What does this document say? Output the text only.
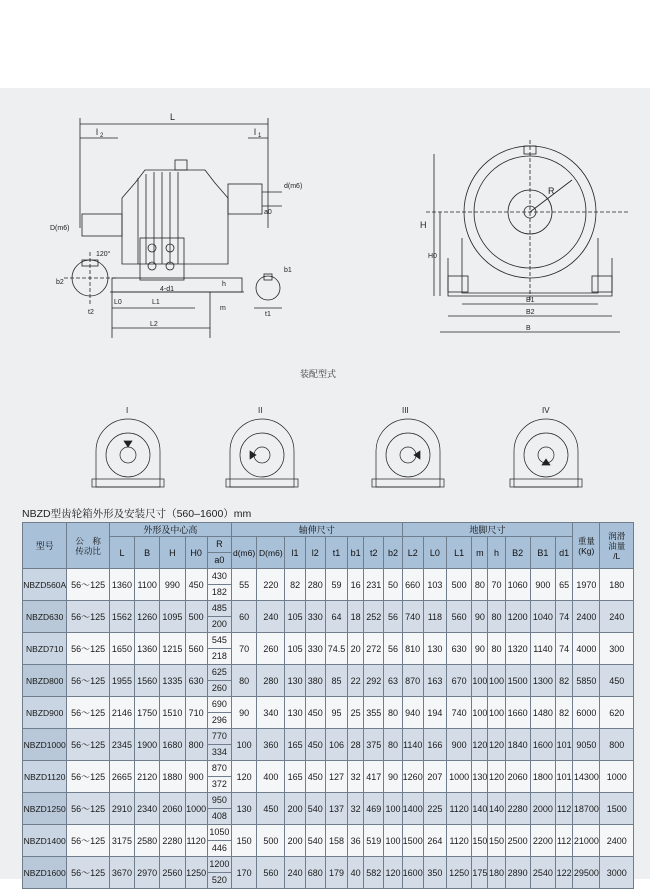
L
l 2	l 1
d(m6)
D(m6)
a0
h
120°
b2
t2
L0	L1
4-d1
m
L2
b1
t1
H
H0
R
B1
B2
B
I	II	III	IV
装配型式
NBZD型齿轮箱外形及安装尺寸（560–1600）mm
型号	公　称
传动比	外形及中心高					轴伸尺寸								地脚尺寸								重量
(Kg)	润滑
油量
/L
		L	B	H	H0	R
a0	d(m6)	D(m6)	l1	l2	t1	b1	t2	b2	L2	L0	L1	m	h	B2	B1	d1		
NBZD560A	56～125	1360	1100	990	450	430
182	55	220	82	280	59	16	231	50	660	103	500	80	70	1060	900	65	1970	180
NBZD630	56～125	1562	1260	1095	500	485
200	60	240	105	330	64	18	252	56	740	118	560	90	80	1200	1040	74	2400	240
NBZD710	56～125	1650	1360	1215	560	545
218	70	260	105	330	74.5	20	272	56	810	130	630	90	80	1320	1140	74	4000	300
NBZD800	56～125	1955	1560	1335	630	625
260	80	280	130	380	85	22	292	63	870	163	670	100	100	1500	1300	82	5850	450
NBZD900	56～125	2146	1750	1510	710	690
296	90	340	130	450	95	25	355	80	940	194	740	100	100	1660	1480	82	6000	620
NBZD1000	56～125	2345	1900	1680	800	770
334	100	360	165	450	106	28	375	80	1140	166	900	120	120	1840	1600	101	9050	800
NBZD1120	56～125	2665	2120	1880	900	870
372	120	400	165	450	127	32	417	90	1260	207	1000	130	120	2060	1800	101	14300	1000
NBZD1250	56～125	2910	2340	2060	1000	950
408	130	450	200	540	137	32	469	100	1400	225	1120	140	140	2280	2000	112	18700	1500
NBZD1400	56～125	3175	2580	2280	1120	1050
446	150	500	200	540	158	36	519	100	1500	264	1120	150	150	2500	2200	112	21000	2400
NBZD1600	56～125	3670	2970	2560	1250	1200
520	170	560	240	680	179	40	582	120	1600	350	1250	175	180	2890	2540	122	29500	3000
